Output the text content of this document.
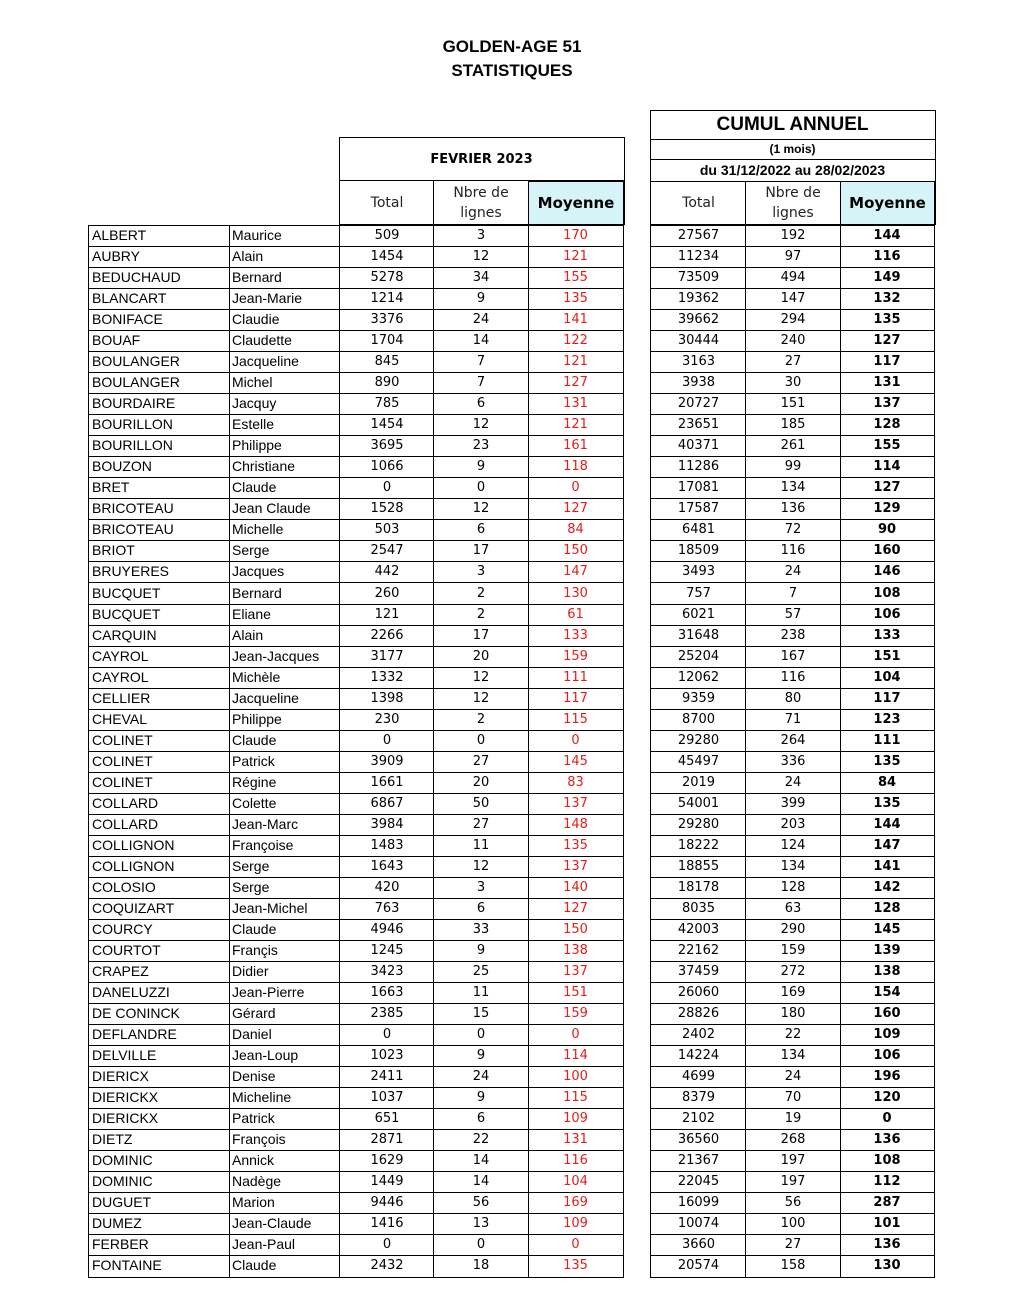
GOLDEN-AGE 51
STATISTIQUES
FEVRIER 2023
Total
Nbre de
lignes
Moyenne
CUMUL ANNUEL
(1 mois)
du 31/12/2022 au 28/02/2023
Total
Nbre de
lignes
Moyenne
ALBERT	Maurice	509	3	170	27567	192	144
AUBRY	Alain	1454	12	121	11234	97	116
BEDUCHAUD	Bernard	5278	34	155	73509	494	149
BLANCART	Jean-Marie	1214	9	135	19362	147	132
BONIFACE	Claudie	3376	24	141	39662	294	135
BOUAF	Claudette	1704	14	122	30444	240	127
BOULANGER	Jacqueline	845	7	121	3163	27	117
BOULANGER	Michel	890	7	127	3938	30	131
BOURDAIRE	Jacquy	785	6	131	20727	151	137
BOURILLON	Estelle	1454	12	121	23651	185	128
BOURILLON	Philippe	3695	23	161	40371	261	155
BOUZON	Christiane	1066	9	118	11286	99	114
BRET	Claude	0	0	0	17081	134	127
BRICOTEAU	Jean Claude	1528	12	127	17587	136	129
BRICOTEAU	Michelle	503	6	84	6481	72	90
BRIOT	Serge	2547	17	150	18509	116	160
BRUYERES	Jacques	442	3	147	3493	24	146
BUCQUET	Bernard	260	2	130	757	7	108
BUCQUET	Eliane	121	2	61	6021	57	106
CARQUIN	Alain	2266	17	133	31648	238	133
CAYROL	Jean-Jacques	3177	20	159	25204	167	151
CAYROL	Michèle	1332	12	111	12062	116	104
CELLIER	Jacqueline	1398	12	117	9359	80	117
CHEVAL	Philippe	230	2	115	8700	71	123
COLINET	Claude	0	0	0	29280	264	111
COLINET	Patrick	3909	27	145	45497	336	135
COLINET	Régine	1661	20	83	2019	24	84
COLLARD	Colette	6867	50	137	54001	399	135
COLLARD	Jean-Marc	3984	27	148	29280	203	144
COLLIGNON	Françoise	1483	11	135	18222	124	147
COLLIGNON	Serge	1643	12	137	18855	134	141
COLOSIO	Serge	420	3	140	18178	128	142
COQUIZART	Jean-Michel	763	6	127	8035	63	128
COURCY	Claude	4946	33	150	42003	290	145
COURTOT	Françis	1245	9	138	22162	159	139
CRAPEZ	Didier	3423	25	137	37459	272	138
DANELUZZI	Jean-Pierre	1663	11	151	26060	169	154
DE CONINCK	Gérard	2385	15	159	28826	180	160
DEFLANDRE	Daniel	0	0	0	2402	22	109
DELVILLE	Jean-Loup	1023	9	114	14224	134	106
DIERICX	Denise	2411	24	100	4699	24	196
DIERICKX	Micheline	1037	9	115	8379	70	120
DIERICKX	Patrick	651	6	109	2102	19	0
DIETZ	François	2871	22	131	36560	268	136
DOMINIC	Annick	1629	14	116	21367	197	108
DOMINIC	Nadège	1449	14	104	22045	197	112
DUGUET	Marion	9446	56	169	16099	56	287
DUMEZ	Jean-Claude	1416	13	109	10074	100	101
FERBER	Jean-Paul	0	0	0	3660	27	136
FONTAINE	Claude	2432	18	135	20574	158	130
